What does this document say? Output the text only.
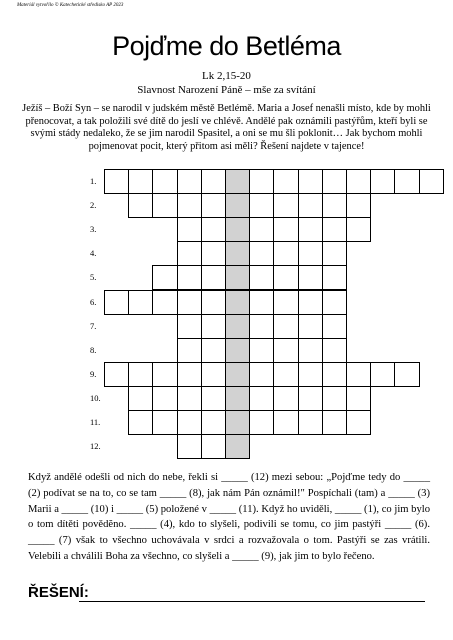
Materiál vytvořilo © Katechetické středisko AP 2023
Pojďme do Betléma
Lk 2,15-20
Slavnost Narození Páně – mše za svítání
Ježíš – Boží Syn – se narodil v judském městě Betlémě. Maria a Josef nenašli místo, kde by mohli přenocovat, a tak položili své dítě do jeslí ve chlévě. Andělé pak oznámili pastýřům, kteří byli se svými stády nedaleko, že se jim narodil Spasitel, a oni se mu šli poklonit… Jak bychom mohli pojmenovat pocit, který přitom asi měli? Řešení najdete v tajence!
1.
2.
3.
4.
5.
6.
7.
8.
9.
10.
11.
12.
Když andělé odešli od nich do nebe, řekli si _____ (12) mezi sebou: „Pojďme tedy do _____ (2) podívat se na to, co se tam _____ (8), jak nám Pán oznámil!" Pospíchali (tam) a _____ (3) Marii a _____ (10) i _____ (5) položené v _____ (11). Když ho uviděli, _____ (1), co jim bylo o tom dítěti povědĕno. _____ (4), kdo to slyšeli, podivili se tomu, co jim pastýři _____ (6). _____ (7) však to všechno uchovávala v srdci a rozvažovala o tom. Pastýři se zas vrátili. Velebili a chválili Boha za všechno, co slyšeli a _____ (9), jak jim to bylo řečeno.
ŘEŠENÍ:
